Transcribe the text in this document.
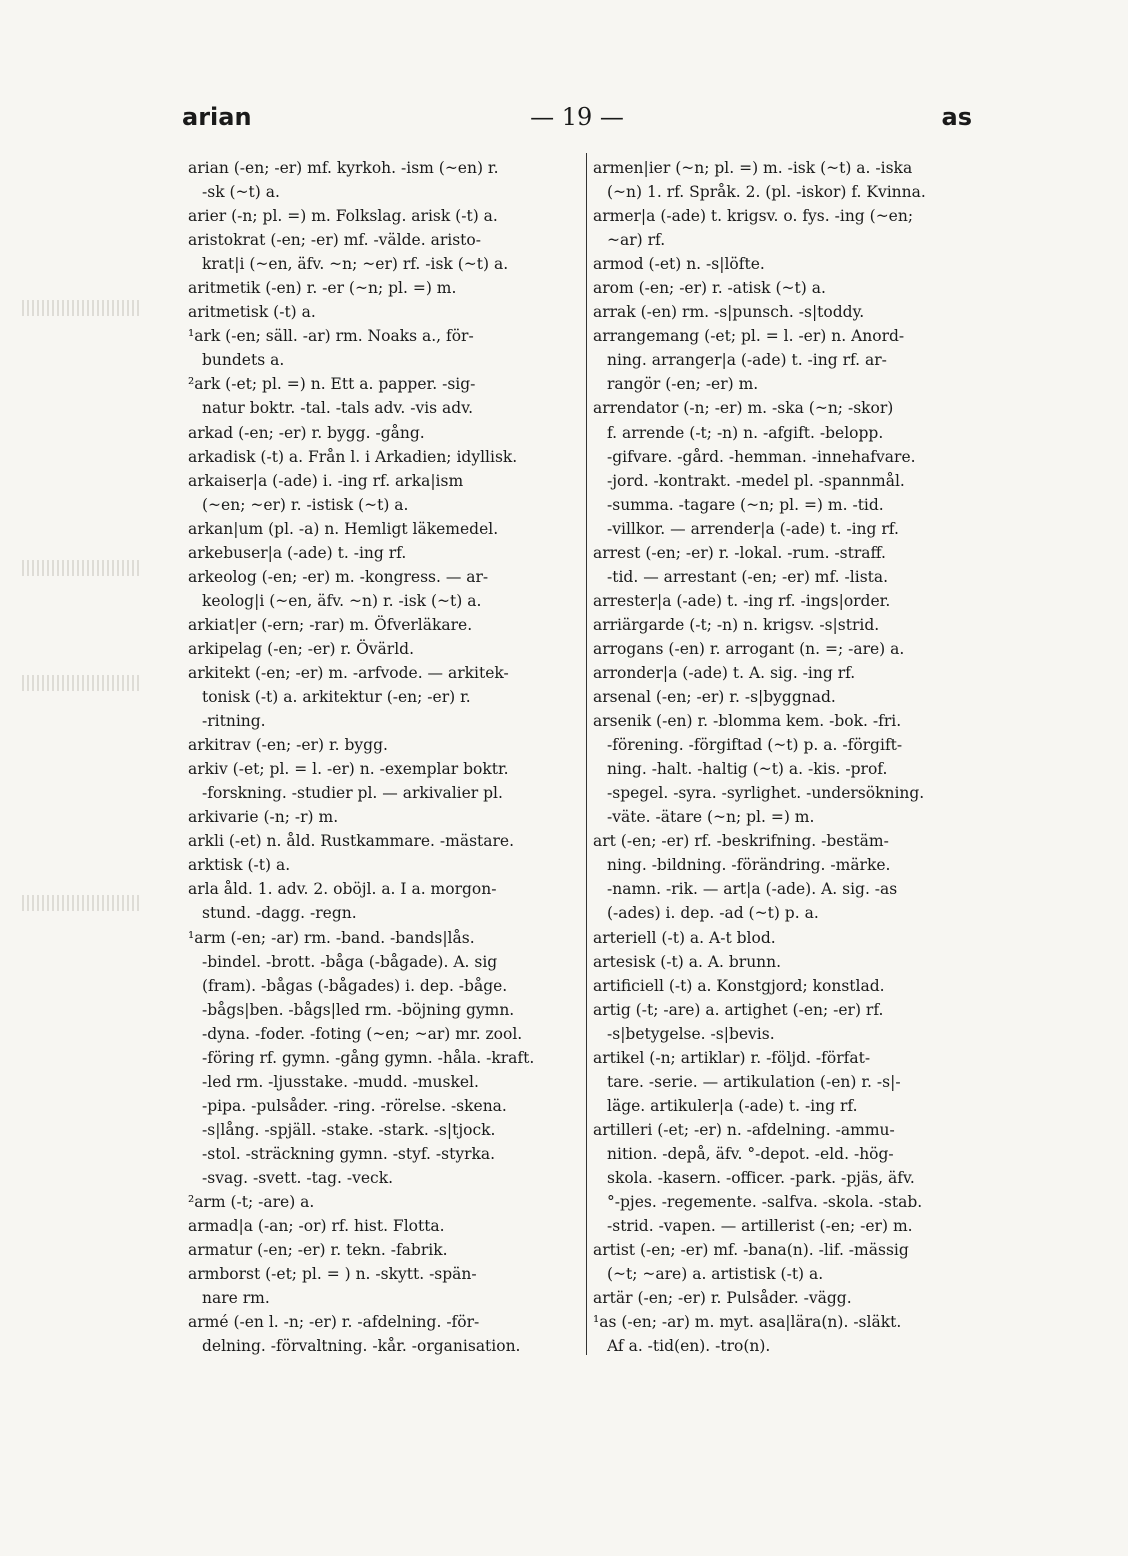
arian	— 19 —	as
arian (-en; -er) mf. kyrkoh. -ism (~en) r.
-sk (~t) a.
arier (-n; pl. =) m. Folkslag. arisk (-t) a.
aristokrat (-en; -er) mf. -välde. aristo-
krat|i (~en, äfv. ~n; ~er) rf. -isk (~t) a.
aritmetik (-en) r. -er (~n; pl. =) m.
aritmetisk (-t) a.
¹ark (-en; säll. -ar) rm. Noaks a., för-
bundets a.
²ark (-et; pl. =) n. Ett a. papper. -sig-
natur boktr. -tal. -tals adv. -vis adv.
arkad (-en; -er) r. bygg. -gång.
arkadisk (-t) a. Från l. i Arkadien; idyllisk.
arkaiser|a (-ade) i. -ing rf. arka|ism
(~en; ~er) r. -istisk (~t) a.
arkan|um (pl. -a) n. Hemligt läkemedel.
arkebuser|a (-ade) t. -ing rf.
arkeolog (-en; -er) m. -kongress. — ar-
keolog|i (~en, äfv. ~n) r. -isk (~t) a.
arkiat|er (-ern; -rar) m. Öfverläkare.
arkipelag (-en; -er) r. Övärld.
arkitekt (-en; -er) m. -arfvode. — arkitek-
tonisk (-t) a. arkitektur (-en; -er) r.
-ritning.
arkitrav (-en; -er) r. bygg.
arkiv (-et; pl. = l. -er) n. -exemplar boktr.
-forskning. -studier pl. — arkivalier pl.
arkivarie (-n; -r) m.
arkli (-et) n. åld. Rustkammare. -mästare.
arktisk (-t) a.
arla åld. 1. adv. 2. oböjl. a. I a. morgon-
stund. -dagg. -regn.
¹arm (-en; -ar) rm. -band. -bands|lås.
-bindel. -brott. -båga (-bågade). A. sig
(fram). -bågas (-bågades) i. dep. -båge.
-bågs|ben. -bågs|led rm. -böjning gymn.
-dyna. -foder. -foting (~en; ~ar) mr. zool.
-föring rf. gymn. -gång gymn. -håla. -kraft.
-led rm. -ljusstake. -mudd. -muskel.
-pipa. -pulsåder. -ring. -rörelse. -skena.
-s|lång. -spjäll. -stake. -stark. -s|tjock.
-stol. -sträckning gymn. -styf. -styrka.
-svag. -svett. -tag. -veck.
²arm (-t; -are) a.
armad|a (-an; -or) rf. hist. Flotta.
armatur (-en; -er) r. tekn. -fabrik.
armborst (-et; pl. = ) n. -skytt. -spän-
nare rm.
armé (-en l. -n; -er) r. -afdelning. -för-
delning. -förvaltning. -kår. -organisation.
armen|ier (~n; pl. =) m. -isk (~t) a. -iska
(~n) 1. rf. Språk. 2. (pl. -iskor) f. Kvinna.
armer|a (-ade) t. krigsv. o. fys. -ing (~en;
~ar) rf.
armod (-et) n. -s|löfte.
arom (-en; -er) r. -atisk (~t) a.
arrak (-en) rm. -s|punsch. -s|toddy.
arrangemang (-et; pl. = l. -er) n. Anord-
ning. arranger|a (-ade) t. -ing rf. ar-
rangör (-en; -er) m.
arrendator (-n; -er) m. -ska (~n; -skor)
f. arrende (-t; -n) n. -afgift. -belopp.
-gifvare. -gård. -hemman. -innehafvare.
-jord. -kontrakt. -medel pl. -spannmål.
-summa. -tagare (~n; pl. =) m. -tid.
-villkor. — arrender|a (-ade) t. -ing rf.
arrest (-en; -er) r. -lokal. -rum. -straff.
-tid. — arrestant (-en; -er) mf. -lista.
arrester|a (-ade) t. -ing rf. -ings|order.
arriärgarde (-t; -n) n. krigsv. -s|strid.
arrogans (-en) r. arrogant (n. =; -are) a.
arronder|a (-ade) t. A. sig. -ing rf.
arsenal (-en; -er) r. -s|byggnad.
arsenik (-en) r. -blomma kem. -bok. -fri.
-förening. -förgiftad (~t) p. a. -förgift-
ning. -halt. -haltig (~t) a. -kis. -prof.
-spegel. -syra. -syrlighet. -undersökning.
-väte. -ätare (~n; pl. =) m.
art (-en; -er) rf. -beskrifning. -bestäm-
ning. -bildning. -förändring. -märke.
-namn. -rik. — art|a (-ade). A. sig. -as
(-ades) i. dep. -ad (~t) p. a.
arteriell (-t) a. A-t blod.
artesisk (-t) a. A. brunn.
artificiell (-t) a. Konstgjord; konstlad.
artig (-t; -are) a. artighet (-en; -er) rf.
-s|betygelse. -s|bevis.
artikel (-n; artiklar) r. -följd. -förfat-
tare. -serie. — artikulation (-en) r. -s|-
läge. artikuler|a (-ade) t. -ing rf.
artilleri (-et; -er) n. -afdelning. -ammu-
nition. -depå, äfv. °-depot. -eld. -hög-
skola. -kasern. -officer. -park. -pjäs, äfv.
°-pjes. -regemente. -salfva. -skola. -stab.
-strid. -vapen. — artillerist (-en; -er) m.
artist (-en; -er) mf. -bana(n). -lif. -mässig
(~t; ~are) a. artistisk (-t) a.
artär (-en; -er) r. Pulsåder. -vägg.
¹as (-en; -ar) m. myt. asa|lära(n). -släkt.
Af a. -tid(en). -tro(n).
